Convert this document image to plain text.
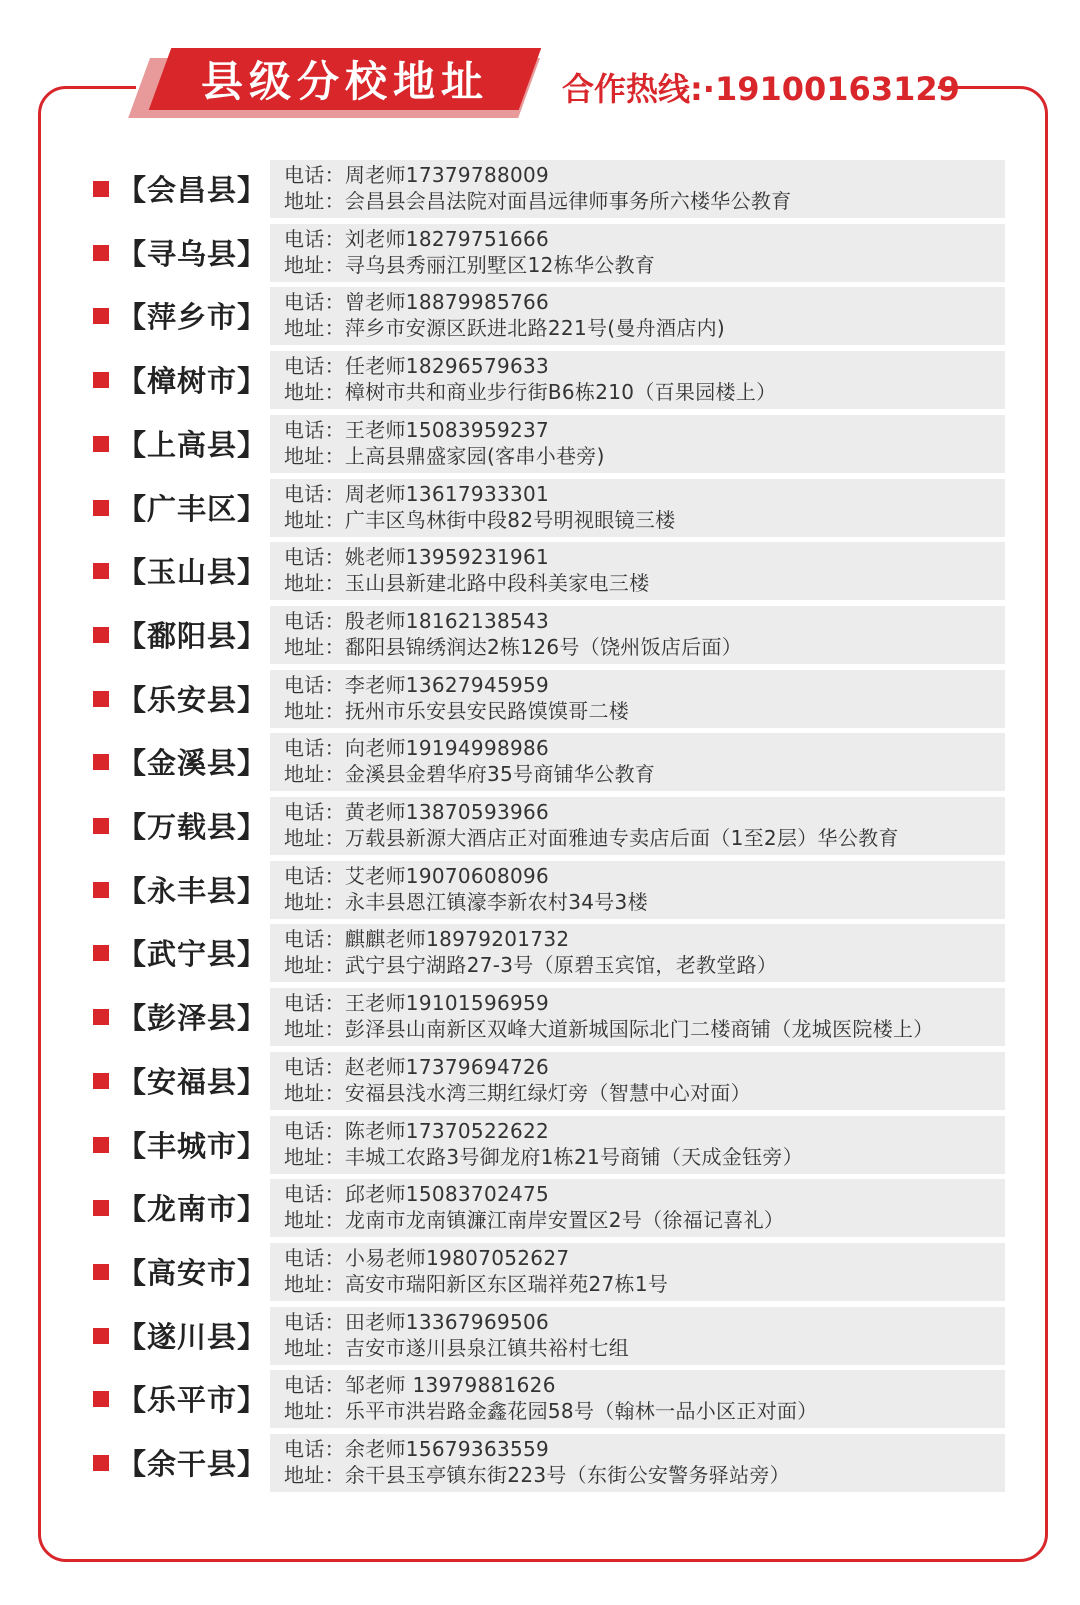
县级分校地址 合作热线:·19100163129
【会昌县】 电话：周老师17379788009
地址：会昌县会昌法院对面昌远律师事务所六楼华公教育
【寻乌县】 电话：刘老师18279751666
地址：寻乌县秀丽江别墅区12栋华公教育
【萍乡市】 电话：曾老师18879985766
地址：萍乡市安源区跃进北路221号(曼舟酒店内)
【樟树市】 电话：任老师18296579633
地址：樟树市共和商业步行街B6栋210（百果园楼上）
【上高县】 电话：王老师15083959237
地址：上高县鼎盛家园(客串小巷旁)
【广丰区】 电话：周老师13617933301
地址：广丰区鸟林街中段82号明视眼镜三楼
【玉山县】 电话：姚老师13959231961
地址：玉山县新建北路中段科美家电三楼
【鄱阳县】 电话：殷老师18162138543
地址：鄱阳县锦绣润达2栋126号（饶州饭店后面）
【乐安县】 电话：李老师13627945959
地址：抚州市乐安县安民路馍馍哥二楼
【金溪县】 电话：向老师19194998986
地址：金溪县金碧华府35号商铺华公教育
【万载县】 电话：黄老师13870593966
地址：万载县新源大酒店正对面雅迪专卖店后面（1至2层）华公教育
【永丰县】 电话：艾老师19070608096
地址：永丰县恩江镇濠李新农村34号3楼
【武宁县】 电话：麒麒老师18979201732
地址：武宁县宁湖路27-3号（原碧玉宾馆，老教堂路）
【彭泽县】 电话：王老师19101596959
地址：彭泽县山南新区双峰大道新城国际北门二楼商铺（龙城医院楼上）
【安福县】 电话：赵老师17379694726
地址：安福县浅水湾三期红绿灯旁（智慧中心对面）
【丰城市】 电话：陈老师17370522622
地址：丰城工农路3号御龙府1栋21号商铺（天成金钰旁）
【龙南市】 电话：邱老师15083702475
地址：龙南市龙南镇濂江南岸安置区2号（徐福记喜礼）
【高安市】 电话：小易老师19807052627
地址：高安市瑞阳新区东区瑞祥苑27栋1号
【遂川县】 电话：田老师13367969506
地址：吉安市遂川县泉江镇共裕村七组
【乐平市】 电话：邹老师 13979881626
地址：乐平市洪岩路金鑫花园58号（翰林一品小区正对面）
【余干县】 电话：余老师15679363559
地址：余干县玉亭镇东街223号（东街公安警务驿站旁）
